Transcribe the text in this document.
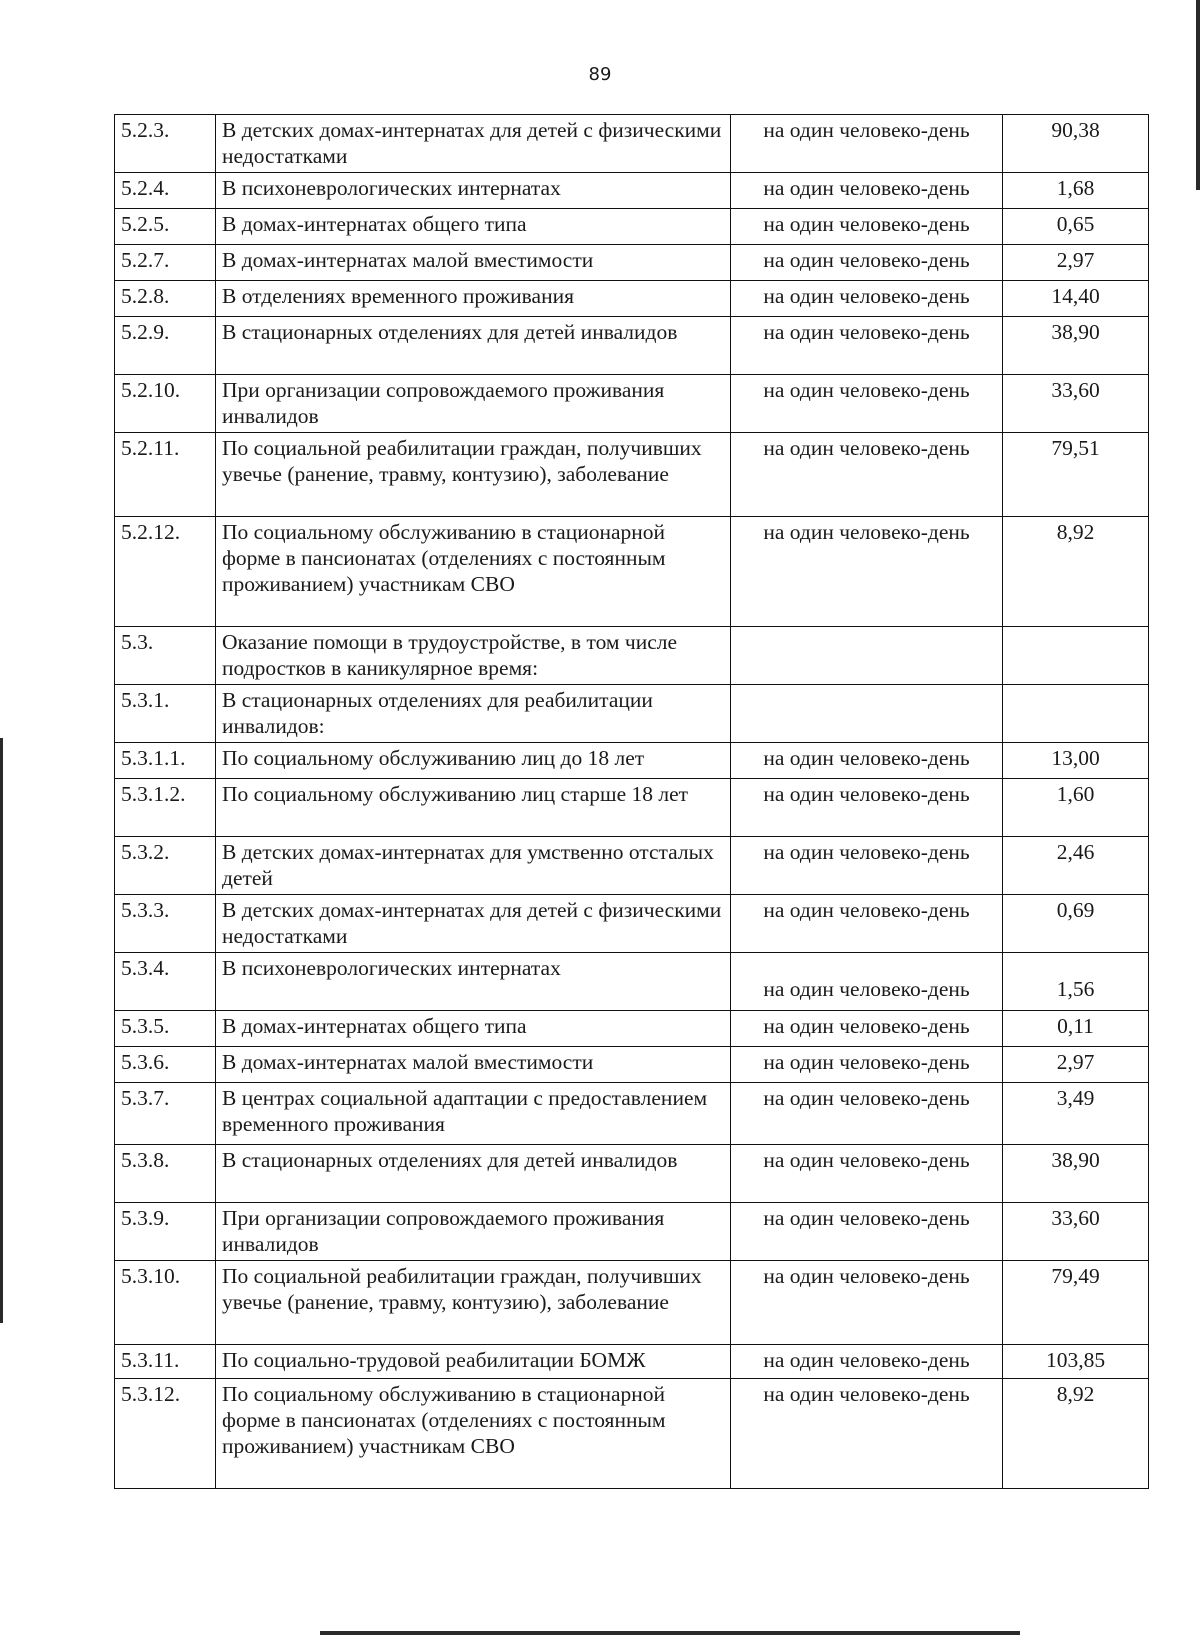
89
5.2.3.	В детских домах-интернатах для детей с физическими недостатками	на один человеко-день	90,38
5.2.4.	В психоневрологических интернатах	на один человеко-день	1,68
5.2.5.	В домах-интернатах общего типа	на один человеко-день	0,65
5.2.7.	В домах-интернатах малой вместимости	на один человеко-день	2,97
5.2.8.	В отделениях временного проживания	на один человеко-день	14,40
5.2.9.	В стационарных отделениях для детей инвалидов	на один человеко-день	38,90
5.2.10.	При организации сопровождаемого проживания инвалидов	на один человеко-день	33,60
5.2.11.	По социальной реабилитации граждан, получивших увечье (ранение, травму, контузию), заболевание	на один человеко-день	79,51
5.2.12.	По социальному обслуживанию в стационарной форме в пансионатах (отделениях с постоянным проживанием) участникам СВО	на один человеко-день	8,92
5.3.	Оказание помощи в трудоустройстве, в том числе подростков в каникулярное время:		
5.3.1.	В стационарных отделениях для реабилитации инвалидов:		
5.3.1.1.	По социальному обслуживанию лиц до 18 лет	на один человеко-день	13,00
5.3.1.2.	По социальному обслуживанию лиц старше 18 лет	на один человеко-день	1,60
5.3.2.	В детских домах-интернатах для умственно отсталых детей	на один человеко-день	2,46
5.3.3.	В детских домах-интернатах для детей с физическими недостатками	на один человеко-день	0,69
5.3.4.	В психоневрологических интернатах	на один человеко-день	1,56
5.3.5.	В домах-интернатах общего типа	на один человеко-день	0,11
5.3.6.	В домах-интернатах малой вместимости	на один человеко-день	2,97
5.3.7.	В центрах социальной адаптации с предоставлением временного проживания	на один человеко-день	3,49
5.3.8.	В стационарных отделениях для детей инвалидов	на один человеко-день	38,90
5.3.9.	При организации сопровождаемого проживания инвалидов	на один человеко-день	33,60
5.3.10.	По социальной реабилитации граждан, получивших увечье (ранение, травму, контузию), заболевание	на один человеко-день	79,49
5.3.11.	По социально-трудовой реабилитации БОМЖ	на один человеко-день	103,85
5.3.12.	По социальному обслуживанию в стационарной форме в пансионатах (отделениях с постоянным проживанием) участникам СВО	на один человеко-день	8,92
